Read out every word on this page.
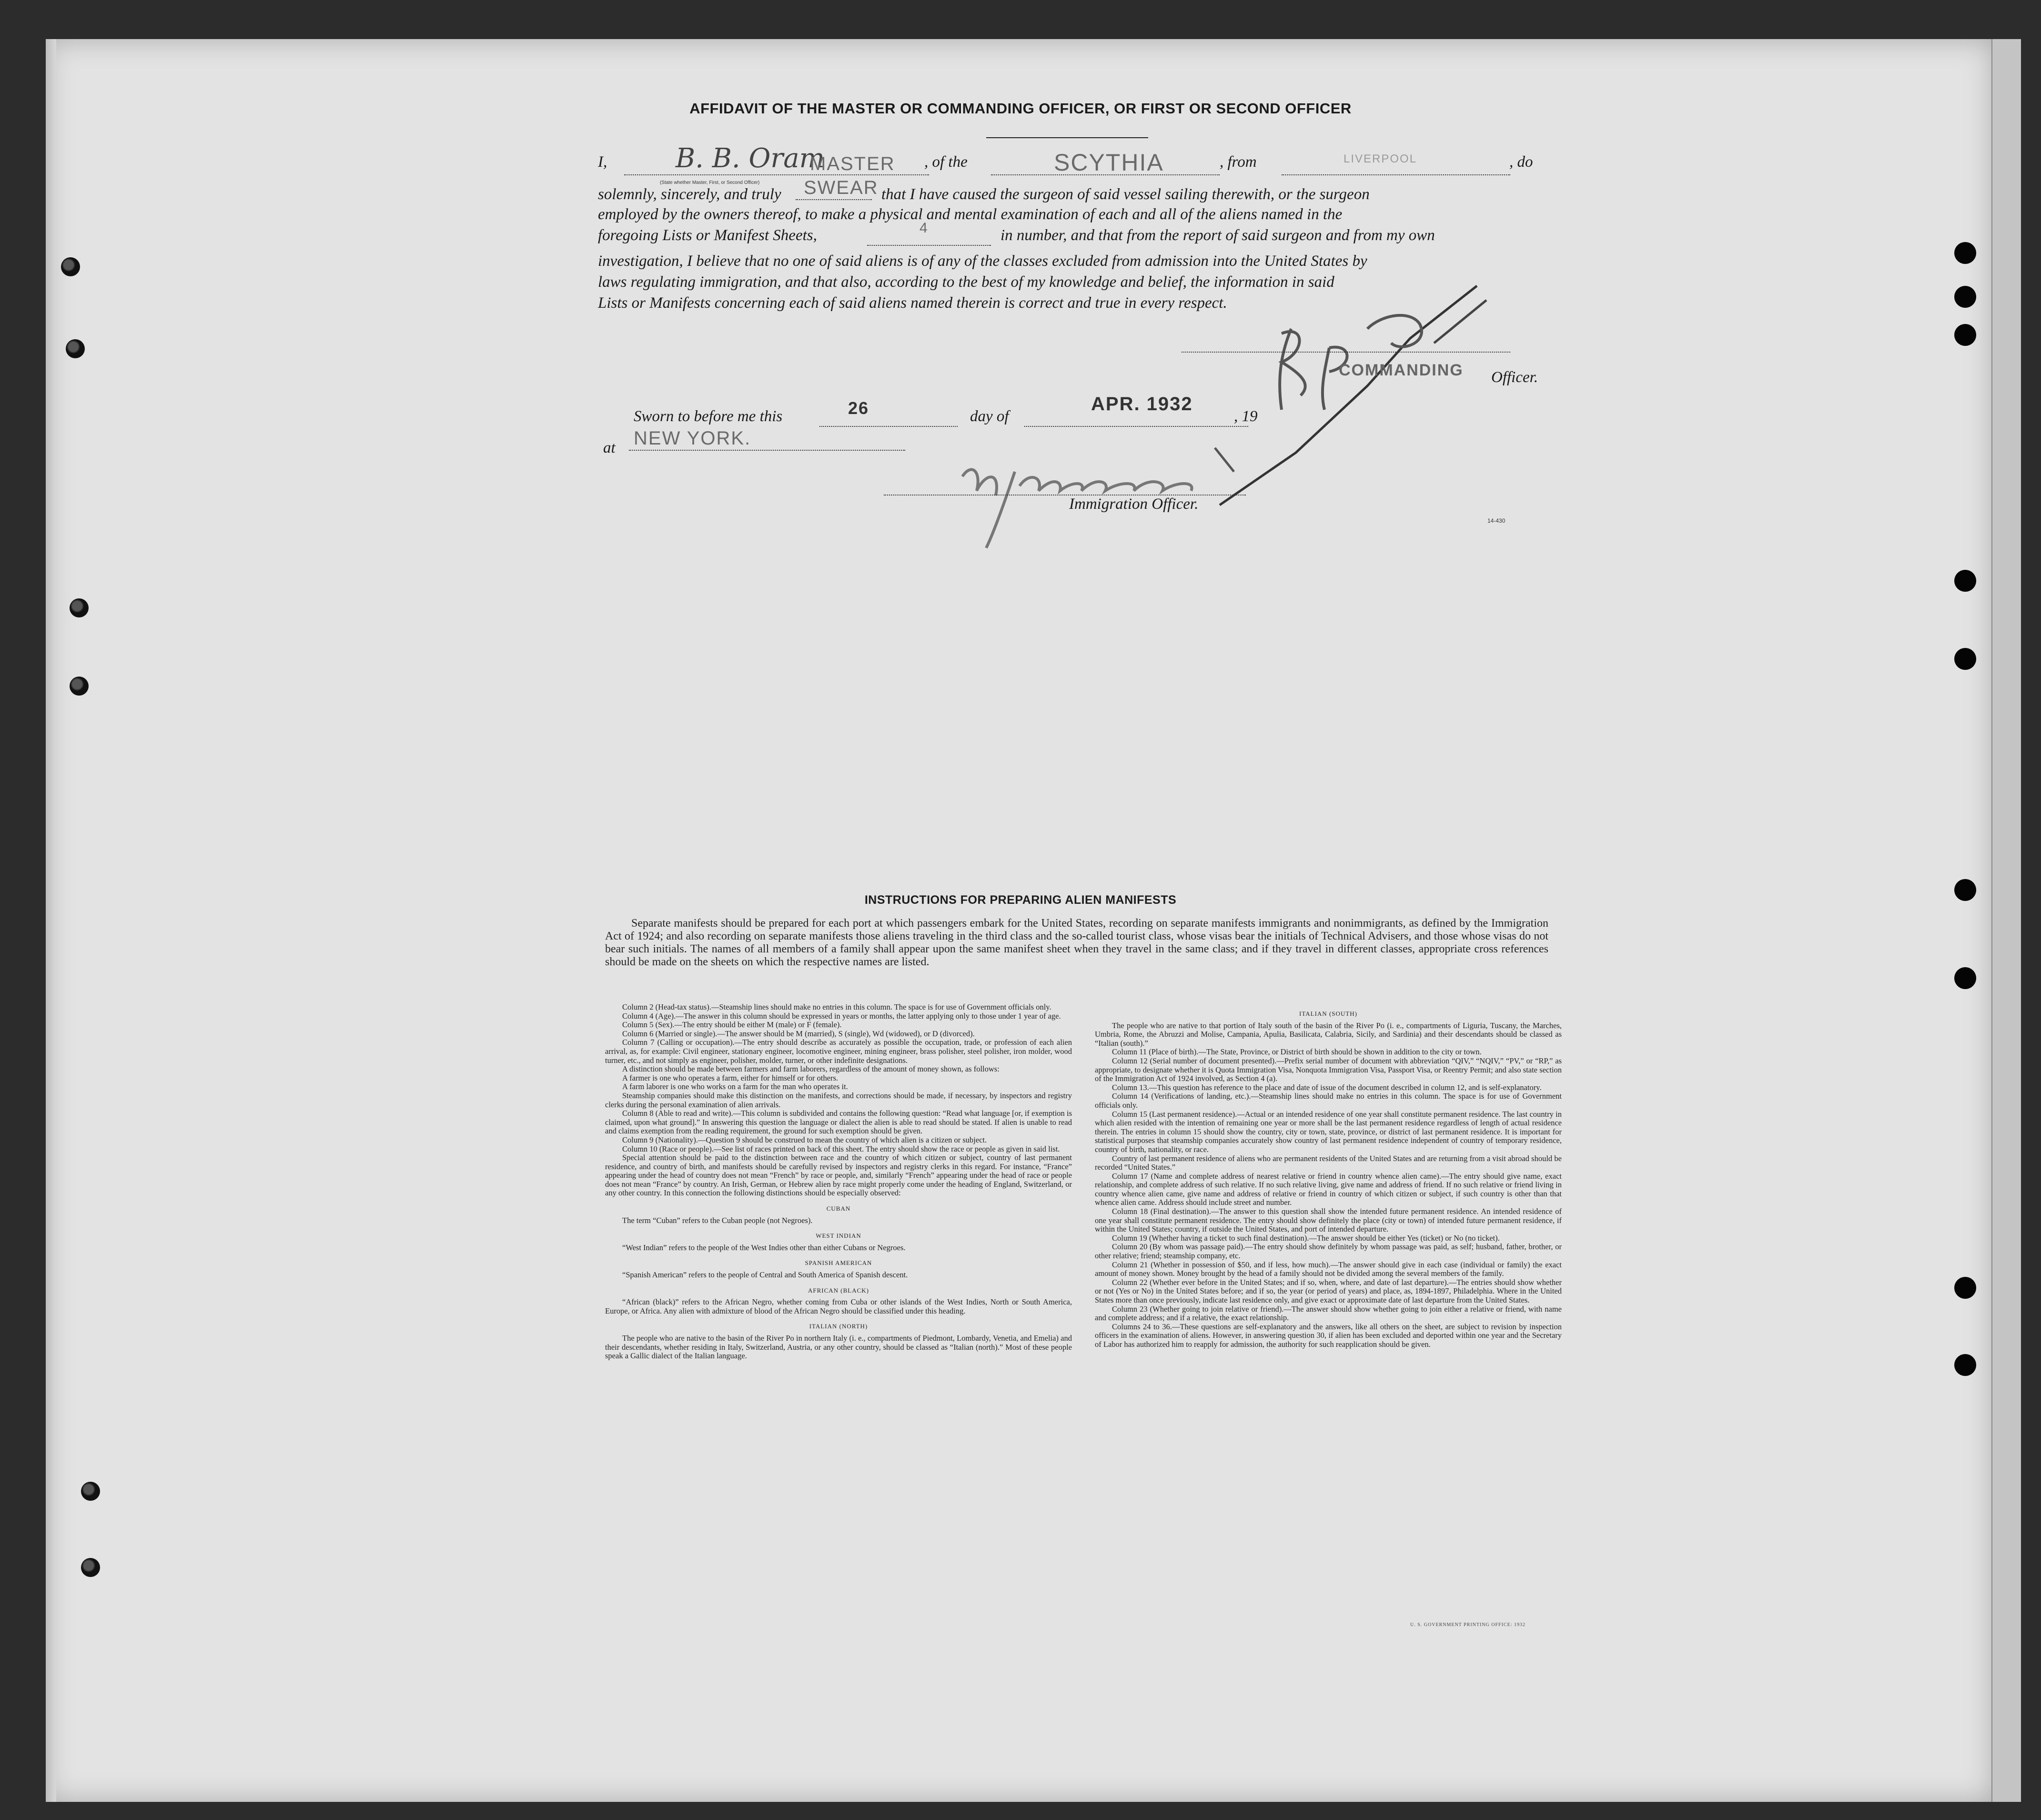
AFFIDAVIT OF THE MASTER OR COMMANDING OFFICER, OR FIRST OR SECOND OFFICER
I,	B. B. Oram
MASTER , of the	SCYTHIA	, from	LIVERPOOL	, do
(State whether Master, First, or Second Officer)
solemnly, sincerely, and truly	SWEAR that I have caused the surgeon of said vessel sailing therewith, or the surgeon
employed by the owners thereof, to make a physical and mental examination of each and all of the aliens named in the
foregoing Lists or Manifest Sheets,	4	in number, and that from the report of said surgeon and from my own
investigation, I believe that no one of said aliens is of any of the classes excluded from admission into the United States by
laws regulating immigration, and that also, according to the best of my knowledge and belief, the information in said
Lists or Manifests concerning each of said aliens named therein is correct and true in every respect.
COMMANDING Officer.
Sworn to before me this	26	day of
APR. 1932
, 19
at NEW YORK.
Immigration Officer.
14-430
INSTRUCTIONS FOR PREPARING ALIEN MANIFESTS
Separate manifests should be prepared for each port at which passengers embark for the United States, recording on separate manifests immigrants and nonimmigrants, as defined by the Immigration Act of 1924; and also recording on separate manifests those aliens traveling in the third class and the so-called tourist class, whose visas bear the initials of Technical Advisers, and those whose visas do not bear such initials. The names of all members of a family shall appear upon the same manifest sheet when they travel in the same class; and if they travel in different classes, appropriate cross references should be made on the sheets on which the respective names are listed.

Column 2 (Head-tax status).—Steamship lines should make no entries in this column. The space is for use of Government officials only.

Column 4 (Age).—The answer in this column should be expressed in years or months, the latter applying only to those under 1 year of age.

Column 5 (Sex).—The entry should be either M (male) or F (female).

Column 6 (Married or single).—The answer should be M (married), S (single), Wd (widowed), or D (divorced).

Column 7 (Calling or occupation).—The entry should describe as accurately as possible the occupation, trade, or profession of each alien arrival, as, for example: Civil engineer, stationary engineer, locomotive engineer, mining engineer, brass polisher, steel polisher, iron molder, wood turner, etc., and not simply as engineer, polisher, molder, turner, or other indefinite designations.

A distinction should be made between farmers and farm laborers, regardless of the amount of money shown, as follows:

A farmer is one who operates a farm, either for himself or for others.

A farm laborer is one who works on a farm for the man who operates it.

Steamship companies should make this distinction on the manifests, and corrections should be made, if necessary, by inspectors and registry clerks during the personal examination of alien arrivals.

Column 8 (Able to read and write).—This column is subdivided and contains the following question: “Read what language [or, if exemption is claimed, upon what ground].” In answering this question the language or dialect the alien is able to read should be stated. If alien is unable to read and claims exemption from the reading requirement, the ground for such exemption should be given.

Column 9 (Nationality).—Question 9 should be construed to mean the country of which alien is a citizen or subject.

Column 10 (Race or people).—See list of races printed on back of this sheet. The entry should show the race or people as given in said list.

Special attention should be paid to the distinction between race and the country of which citizen or subject, country of last permanent residence, and country of birth, and manifests should be carefully revised by inspectors and registry clerks in this regard. For instance, “France” appearing under the head of country does not mean “French” by race or people, and, similarly “French” appearing under the head of race or people does not mean “France” by country. An Irish, German, or Hebrew alien by race might properly come under the heading of England, Switzerland, or any other country. In this connection the following distinctions should be especially observed:

CUBAN

The term “Cuban” refers to the Cuban people (not Negroes).

WEST INDIAN

“West Indian” refers to the people of the West Indies other than either Cubans or Negroes.

SPANISH AMERICAN

“Spanish American” refers to the people of Central and South America of Spanish descent.

AFRICAN (BLACK)

“African (black)” refers to the African Negro, whether coming from Cuba or other islands of the West Indies, North or South America, Europe, or Africa. Any alien with admixture of blood of the African Negro should be classified under this heading.

ITALIAN (NORTH)

The people who are native to the basin of the River Po in northern Italy (i. e., compartments of Piedmont, Lombardy, Venetia, and Emelia) and their descendants, whether residing in Italy, Switzerland, Austria, or any other country, should be classed as “Italian (north).” Most of these people speak a Gallic dialect of the Italian language.

ITALIAN (SOUTH)

The people who are native to that portion of Italy south of the basin of the River Po (i. e., compartments of Liguria, Tuscany, the Marches, Umbria, Rome, the Abruzzi and Molise, Campania, Apulia, Basilicata, Calabria, Sicily, and Sardinia) and their descendants should be classed as “Italian (south).”

Column 11 (Place of birth).—The State, Province, or District of birth should be shown in addition to the city or town.

Column 12 (Serial number of document presented).—Prefix serial number of document with abbreviation “QIV,” “NQIV,” “PV,” or “RP,” as appropriate, to designate whether it is Quota Immigration Visa, Nonquota Immigration Visa, Passport Visa, or Reentry Permit; and also state section of the Immigration Act of 1924 involved, as Section 4 (a).

Column 13.—This question has reference to the place and date of issue of the document described in column 12, and is self-explanatory.

Column 14 (Verifications of landing, etc.).—Steamship lines should make no entries in this column. The space is for use of Government officials only.

Column 15 (Last permanent residence).—Actual or an intended residence of one year shall constitute permanent residence. The last country in which alien resided with the intention of remaining one year or more shall be the last permanent residence regardless of length of actual residence therein. The entries in column 15 should show the country, city or town, state, province, or district of last permanent residence. It is important for statistical purposes that steamship companies accurately show country of last permanent residence independent of country of temporary residence, country of birth, nationality, or race.

Country of last permanent residence of aliens who are permanent residents of the United States and are returning from a visit abroad should be recorded “United States.”

Column 17 (Name and complete address of nearest relative or friend in country whence alien came).—The entry should give name, exact relationship, and complete address of such relative. If no such relative living, give name and address of friend. If no such relative or friend living in country whence alien came, give name and address of relative or friend in country of which citizen or subject, if such country is other than that whence alien came. Address should include street and number.

Column 18 (Final destination).—The answer to this question shall show the intended future permanent residence. An intended residence of one year shall constitute permanent residence. The entry should show definitely the place (city or town) of intended future permanent residence, if within the United States; country, if outside the United States, and port of intended departure.

Column 19 (Whether having a ticket to such final destination).—The answer should be either Yes (ticket) or No (no ticket).

Column 20 (By whom was passage paid).—The entry should show definitely by whom passage was paid, as self; husband, father, brother, or other relative; friend; steamship company, etc.

Column 21 (Whether in possession of $50, and if less, how much).—The answer should give in each case (individual or family) the exact amount of money shown. Money brought by the head of a family should not be divided among the several members of the family.

Column 22 (Whether ever before in the United States; and if so, when, where, and date of last departure).—The entries should show whether or not (Yes or No) in the United States before; and if so, the year (or period of years) and place, as, 1894-1897, Philadelphia. Where in the United States more than once previously, indicate last residence only, and give exact or approximate date of last departure from the United States.

Column 23 (Whether going to join relative or friend).—The answer should show whether going to join either a relative or friend, with name and complete address; and if a relative, the exact relationship.

Columns 24 to 36.—These questions are self-explanatory and the answers, like all others on the sheet, are subject to revision by inspection officers in the examination of aliens. However, in answering question 30, if alien has been excluded and deported within one year and the Secretary of Labor has authorized him to reapply for admission, the authority for such reapplication should be given.

U. S. GOVERNMENT PRINTING OFFICE: 1932
